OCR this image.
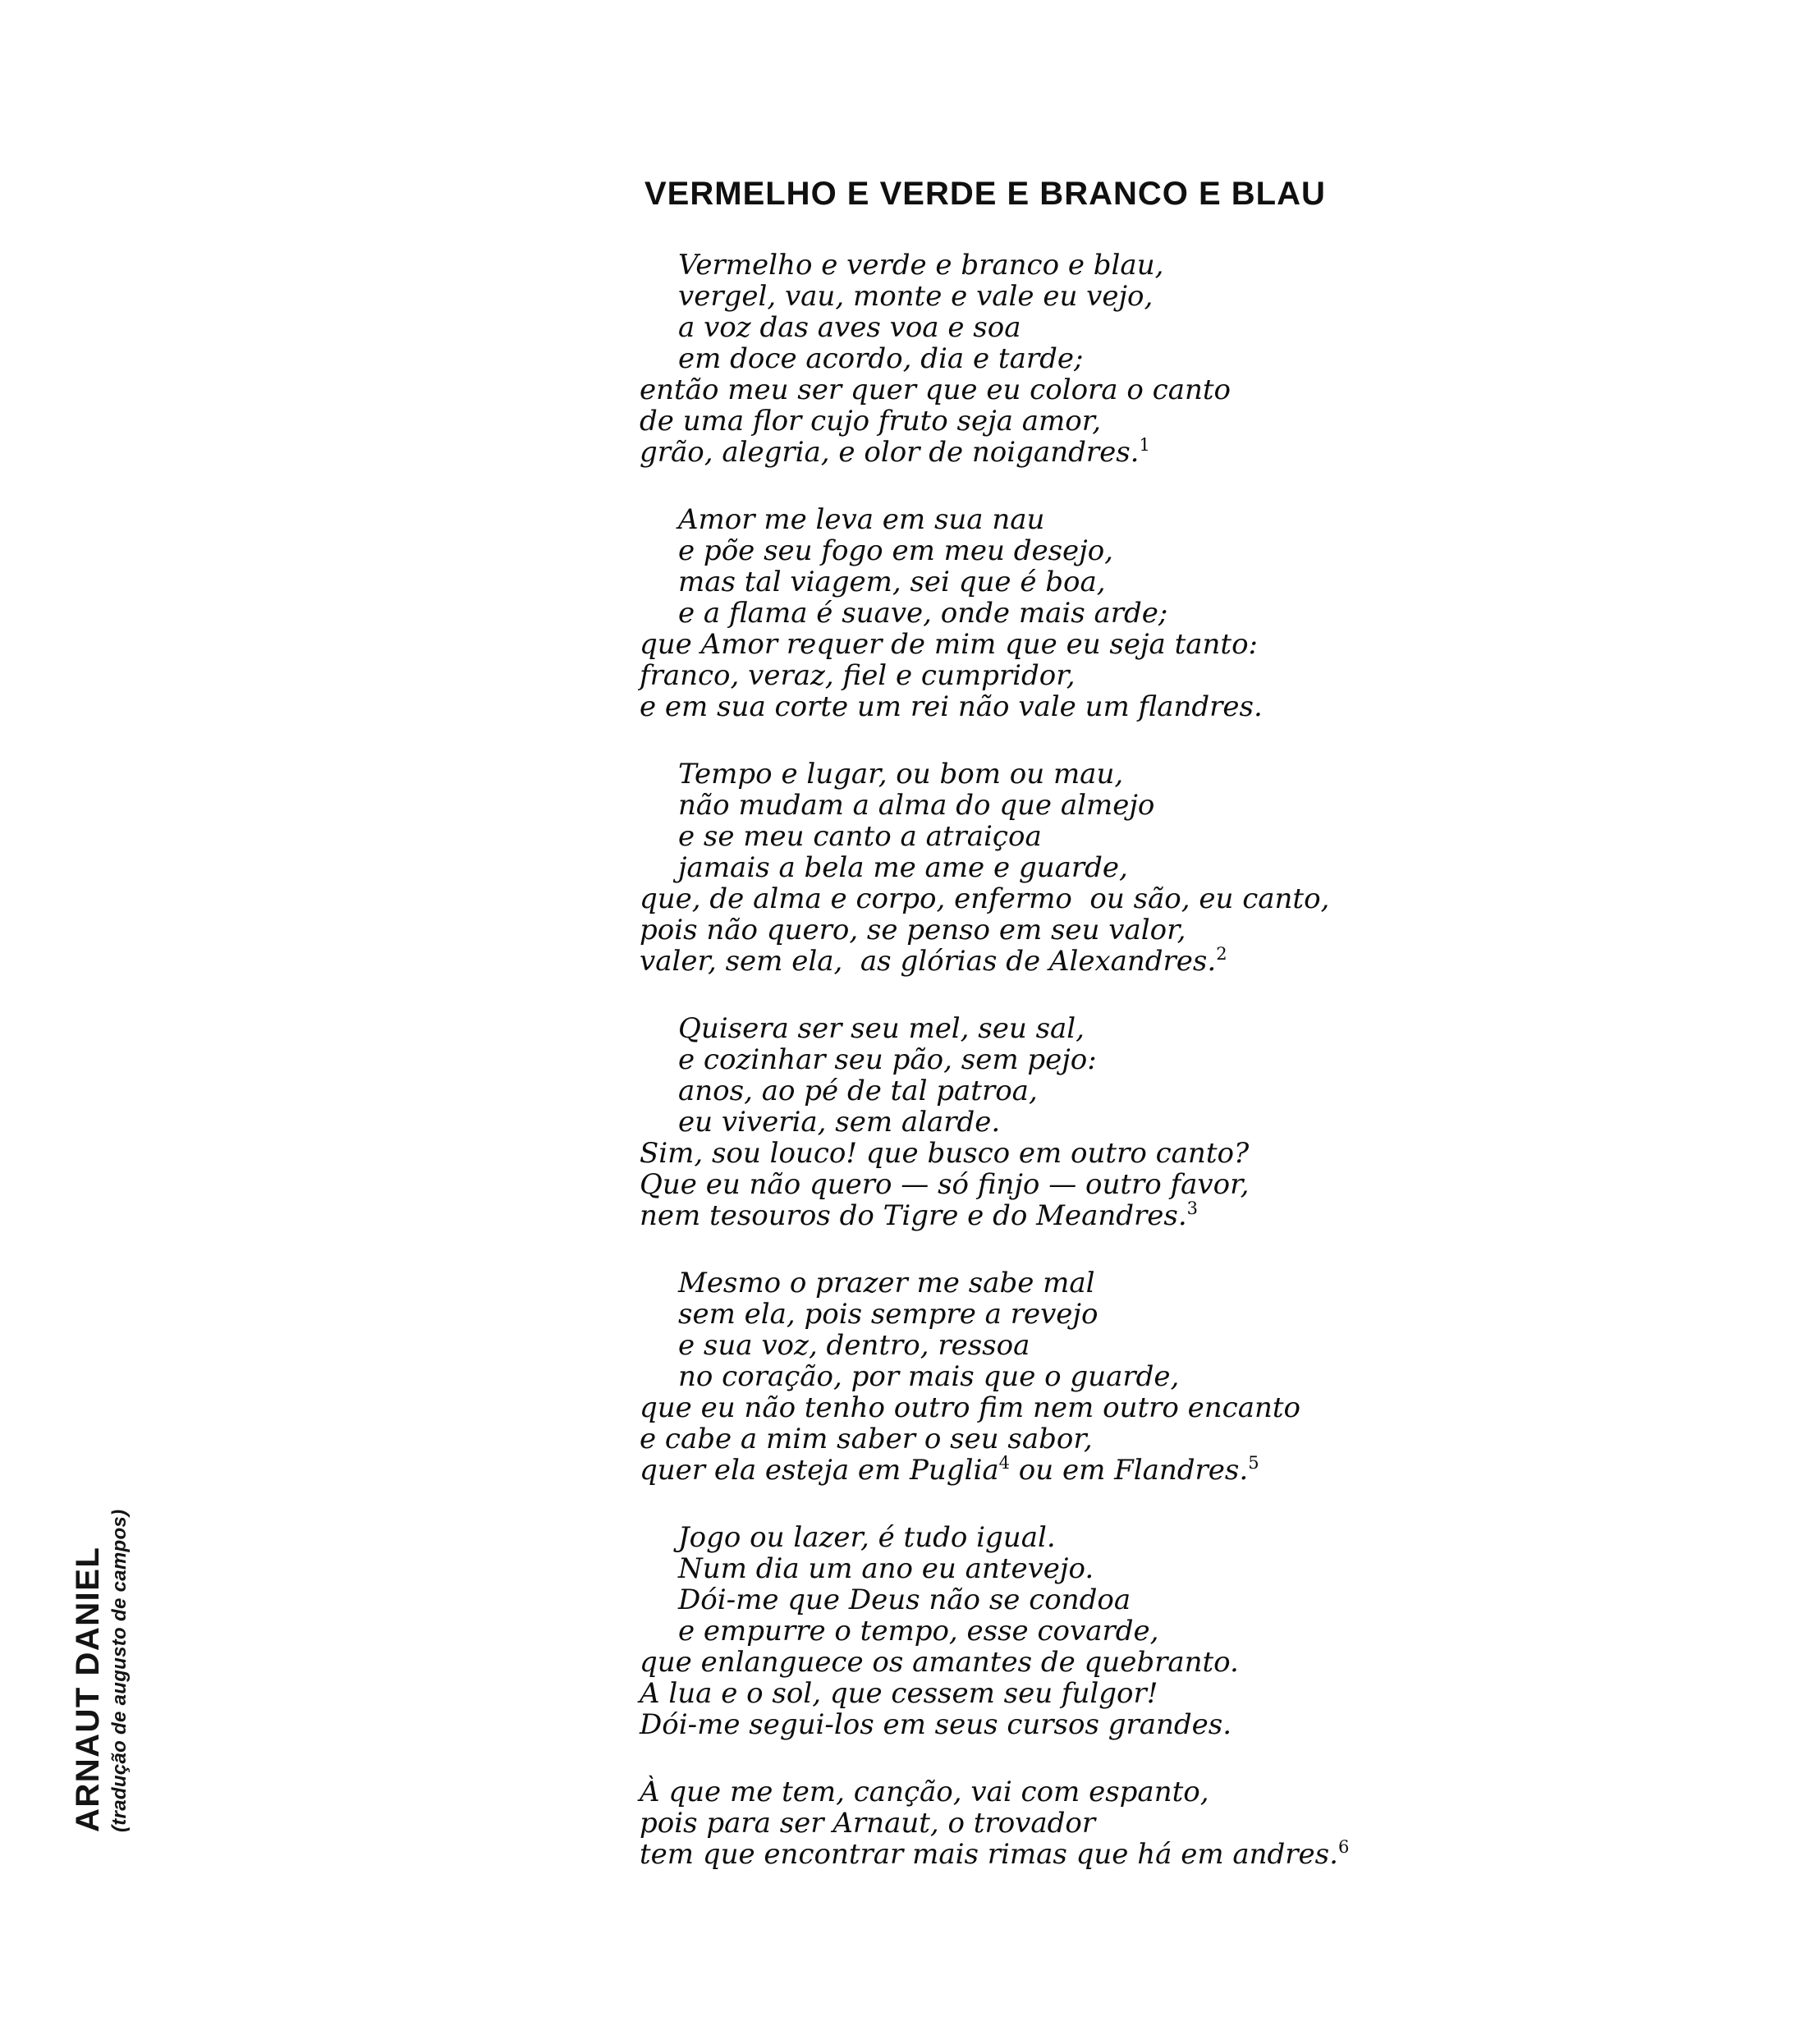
ARNAUT DANIEL (tradução de augusto de campos)
VERMELHO E VERDE E BRANCO E BLAU
Vermelho e verde e branco e blau,
vergel, vau, monte e vale eu vejo,
a voz das aves voa e soa
em doce acordo, dia e tarde;
então meu ser quer que eu colora o canto
de uma flor cujo fruto seja amor,
grão, alegria, e olor de noigandres.$^1$
Amor me leva em sua nau
e põe seu fogo em meu desejo,
mas tal viagem, sei que é boa,
e a flama é suave, onde mais arde;
que Amor requer de mim que eu seja tanto:
franco, veraz, fiel e cumpridor,
e em sua corte um rei não vale um flandres.
Tempo e lugar, ou bom ou mau,
não mudam a alma do que almejo
e se meu canto a atraiçoa
jamais a bela me ame e guarde,
que, de alma e corpo, enfermo  ou são, eu canto,
pois não quero, se penso em seu valor,
valer, sem ela,  as glórias de Alexandres.$^2$
Quisera ser seu mel, seu sal,
e cozinhar seu pão, sem pejo:
anos, ao pé de tal patroa,
eu viveria, sem alarde.
Sim, sou louco! que busco em outro canto?
Que eu não quero — só finjo — outro favor,
nem tesouros do Tigre e do Meandres.$^3$
Mesmo o prazer me sabe mal
sem ela, pois sempre a revejo
e sua voz, dentro, ressoa
no coração, por mais que o guarde,
que eu não tenho outro fim nem outro encanto
e cabe a mim saber o seu sabor,
quer ela esteja em Puglia$^4$ ou em Flandres.$^5$
Jogo ou lazer, é tudo igual.
Num dia um ano eu antevejo.
Dói-me que Deus não se condoa
e empurre o tempo, esse covarde,
que enlanguece os amantes de quebranto.
A lua e o sol, que cessem seu fulgor!
Dói-me segui-los em seus cursos grandes.
À que me tem, canção, vai com espanto,
pois para ser Arnaut, o trovador
tem que encontrar mais rimas que há em andres.$^6$
